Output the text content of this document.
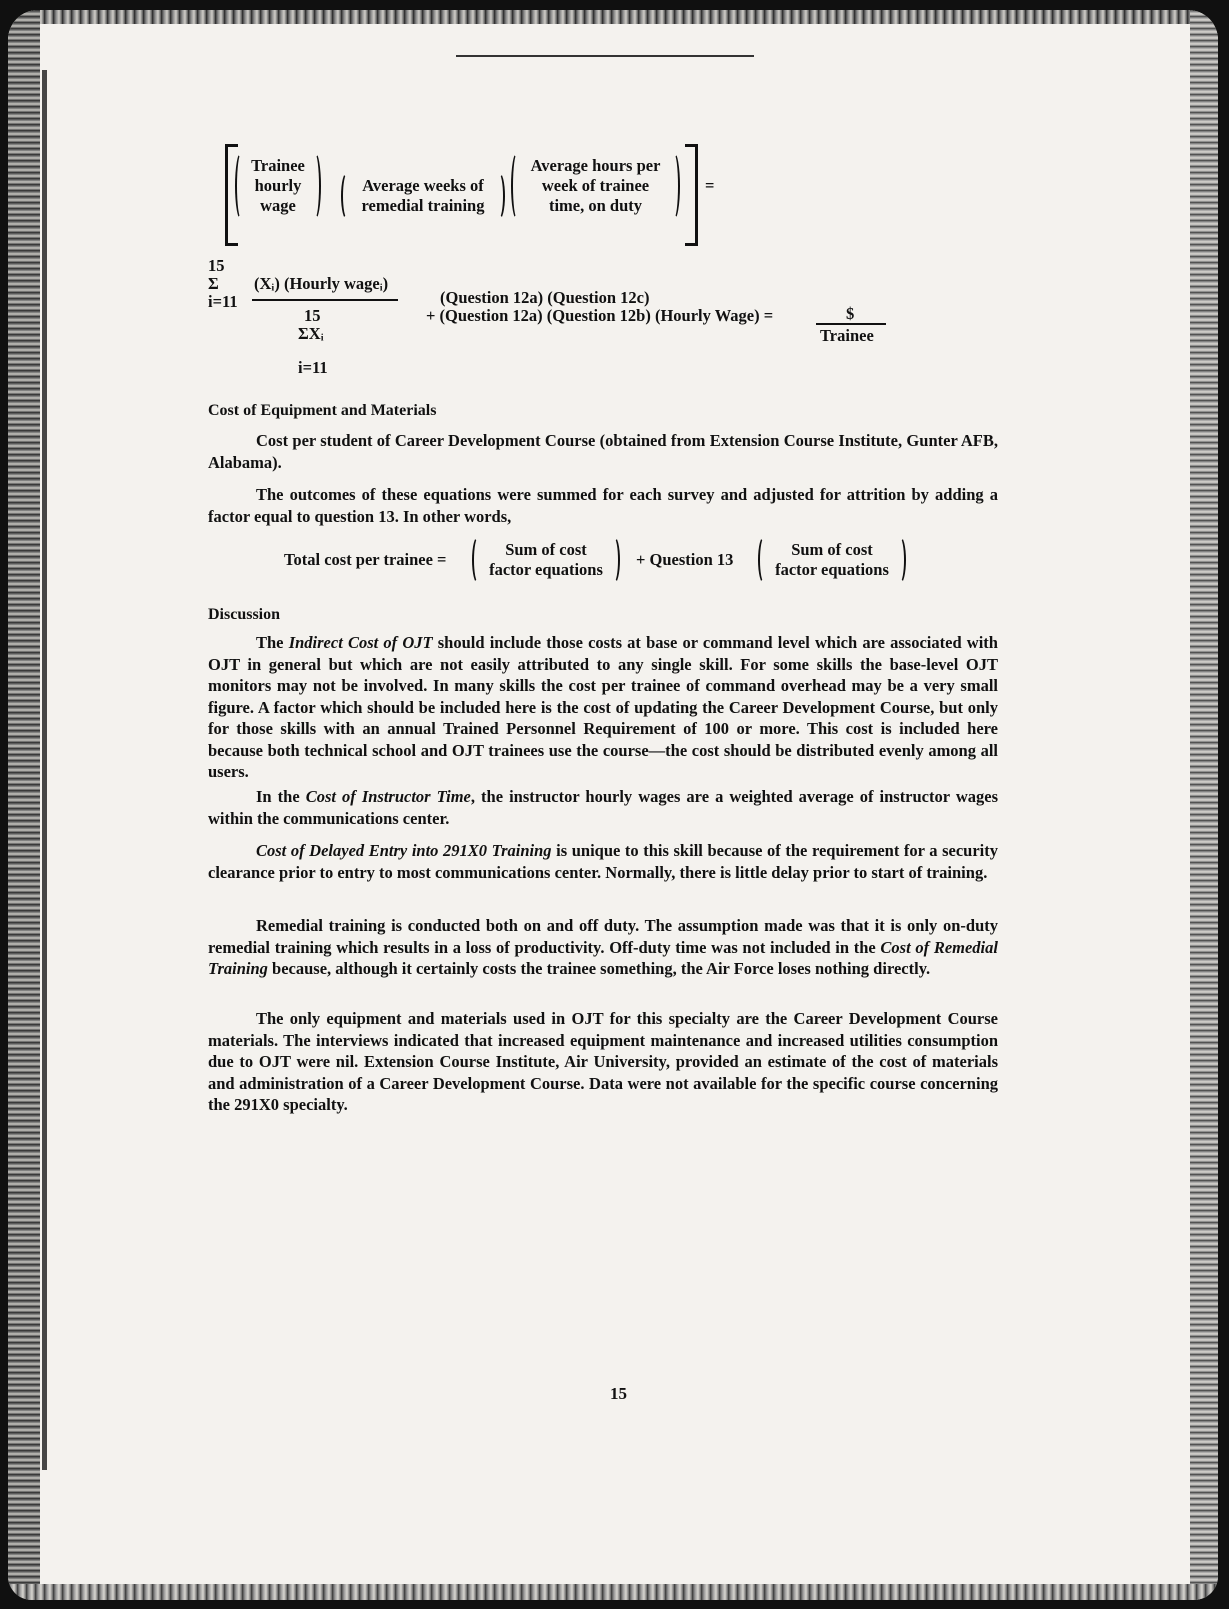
Trainee
hourly
wage
Average weeks of
remedial training
Average hours per
week of trainee
time, on duty
=
15
Σ
i=11
(Xᵢ) (Hourly wageᵢ)
15
ΣXᵢ
i=11
(Question 12a) (Question 12c)
+ (Question 12a) (Question 12b) (Hourly Wage) =	$
Trainee
Cost of Equipment and Materials
Cost per student of Career Development Course (obtained from Extension Course Institute, Gunter AFB, Alabama).
The outcomes of these equations were summed for each survey and adjusted for attrition by adding a factor equal to question 13. In other words,
Total cost per trainee =
Sum of cost
factor equations
+ Question 13
Sum of cost
factor equations
Discussion
The Indirect Cost of OJT should include those costs at base or command level which are associated with OJT in general but which are not easily attributed to any single skill. For some skills the base-level OJT monitors may not be involved. In many skills the cost per trainee of command overhead may be a very small figure. A factor which should be included here is the cost of updating the Career Development Course, but only for those skills with an annual Trained Personnel Requirement of 100 or more. This cost is included here because both technical school and OJT trainees use the course—the cost should be distributed evenly among all users.
In the Cost of Instructor Time, the instructor hourly wages are a weighted average of instructor wages within the communications center.
Cost of Delayed Entry into 291X0 Training is unique to this skill because of the requirement for a security clearance prior to entry to most communications center. Normally, there is little delay prior to start of training.
Remedial training is conducted both on and off duty. The assumption made was that it is only on-duty remedial training which results in a loss of productivity. Off-duty time was not included in the Cost of Remedial Training because, although it certainly costs the trainee something, the Air Force loses nothing directly.
The only equipment and materials used in OJT for this specialty are the Career Development Course materials. The interviews indicated that increased equipment maintenance and increased utilities consumption due to OJT were nil. Extension Course Institute, Air University, provided an estimate of the cost of materials and administration of a Career Development Course. Data were not available for the specific course concerning the 291X0 specialty.
15
